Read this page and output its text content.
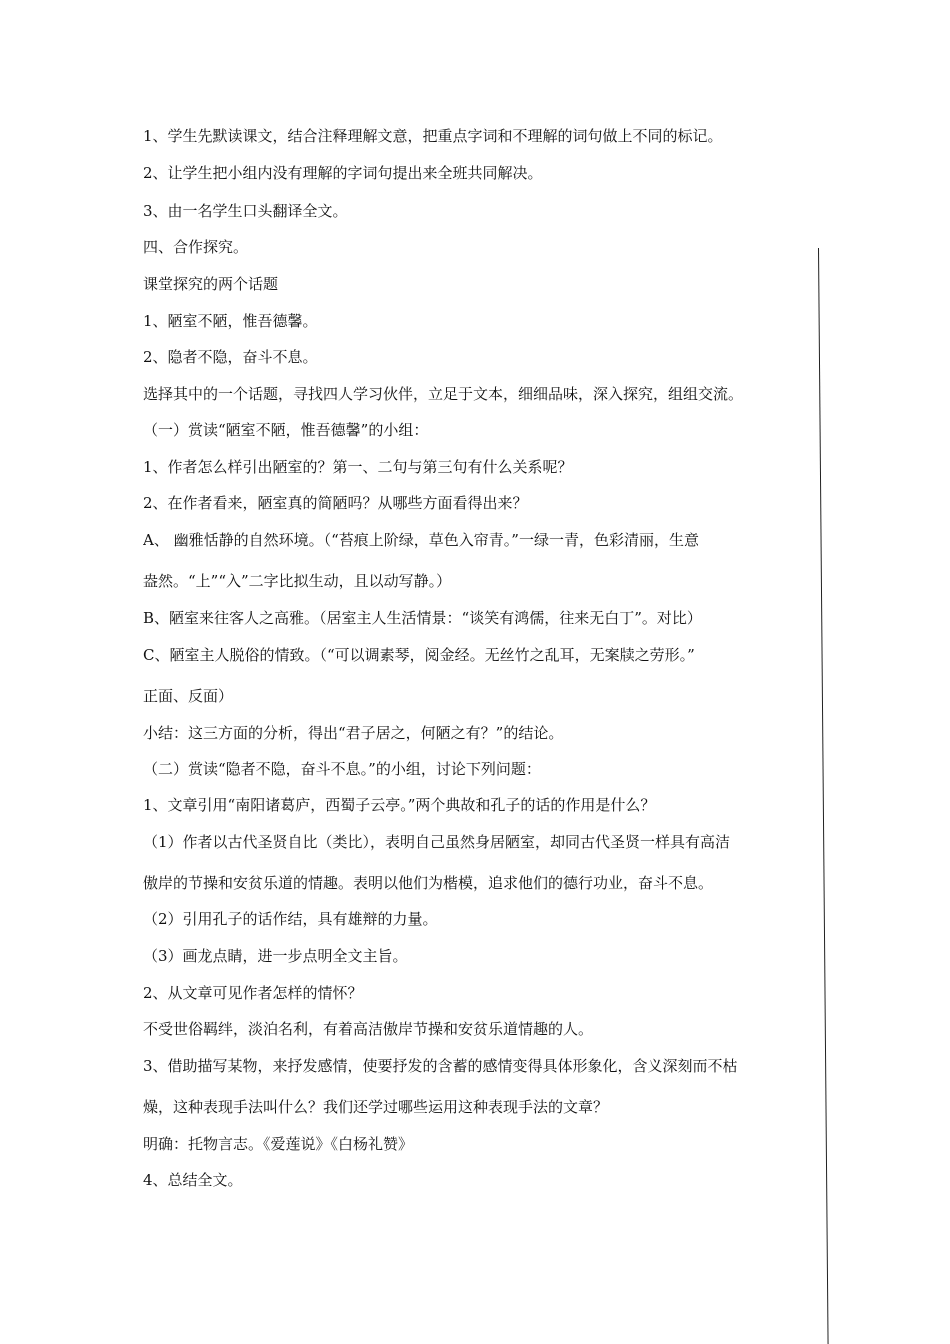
1、学生先默读课文，结合注释理解文意，把重点字词和不理解的词句做上不同的标记。
2、让学生把小组内没有理解的字词句提出来全班共同解决。
3、由一名学生口头翻译全文。
四、合作探究。
课堂探究的两个话题
1、陋室不陋，惟吾德馨。
2、隐者不隐，奋斗不息。
选择其中的一个话题，寻找四人学习伙伴，立足于文本，细细品味，深入探究，组组交流。
（一）赏读“陋室不陋，惟吾德馨”的小组：
1、作者怎么样引出陋室的？第一、二句与第三句有什么关系呢？
2、在作者看来，陋室真的简陋吗？从哪些方面看得出来？
A、 幽雅恬静的自然环境。（“苔痕上阶绿，草色入帘青。”一绿一青，色彩清丽，生意
盎然。“上”“入”二字比拟生动，且以动写静。）
B、陋室来往客人之高雅。（居室主人生活情景：“谈笑有鸿儒，往来无白丁”。对比）
C、陋室主人脱俗的情致。（“可以调素琴，阅金经。无丝竹之乱耳，无案牍之劳形。”
正面、反面）
小结：这三方面的分析，得出“君子居之，何陋之有？”的结论。
（二）赏读“隐者不隐，奋斗不息。”的小组，讨论下列问题：
1、文章引用“南阳诸葛庐，西蜀子云亭。”两个典故和孔子的话的作用是什么？
（1）作者以古代圣贤自比（类比），表明自己虽然身居陋室，却同古代圣贤一样具有高洁
傲岸的节操和安贫乐道的情趣。表明以他们为楷模，追求他们的德行功业，奋斗不息。
（2）引用孔子的话作结，具有雄辩的力量。
（3）画龙点睛，进一步点明全文主旨。
2、从文章可见作者怎样的情怀？
不受世俗羁绊，淡泊名利，有着高洁傲岸节操和安贫乐道情趣的人。
3、借助描写某物，来抒发感情，使要抒发的含蓄的感情变得具体形象化，含义深刻而不枯
燥，这种表现手法叫什么？我们还学过哪些运用这种表现手法的文章？
明确：托物言志。《爱莲说》《白杨礼赞》
4、总结全文。
